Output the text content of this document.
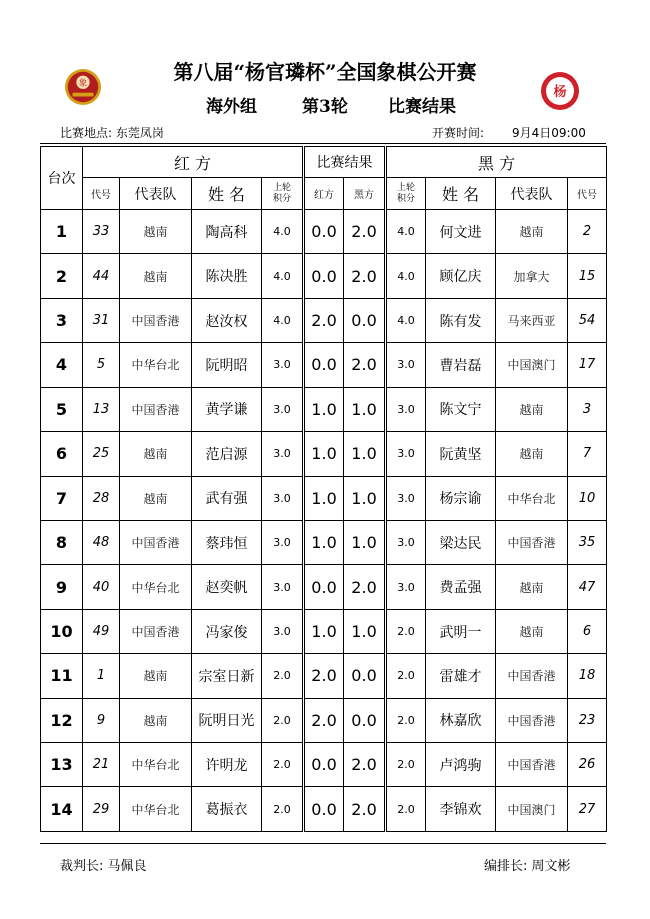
象
杨
第八届“杨官璘杯”全国象棋公开赛
海外组	第3轮 比赛结果
比赛地点: 东莞凤岗	开赛时间: 9月4日09:00
台次	红 方				比赛结果		黑 方			
	代号	代表队	姓 名	上轮积分	红方	黑方	上轮积分	姓 名	代表队	代号
1	33	越南	陶高科	4.0	0.0	2.0	4.0	何文进	越南	2
2	44	越南	陈决胜	4.0	0.0	2.0	4.0	顾亿庆	加拿大	15
3	31	中国香港	赵汝权	4.0	2.0	0.0	4.0	陈有发	马来西亚	54
4	5	中华台北	阮明昭	3.0	0.0	2.0	3.0	曹岩磊	中国澳门	17
5	13	中国香港	黄学谦	3.0	1.0	1.0	3.0	陈文宁	越南	3
6	25	越南	范启源	3.0	1.0	1.0	3.0	阮黄坚	越南	7
7	28	越南	武有强	3.0	1.0	1.0	3.0	杨宗谕	中华台北	10
8	48	中国香港	蔡玮恒	3.0	1.0	1.0	3.0	梁达民	中国香港	35
9	40	中华台北	赵奕帆	3.0	0.0	2.0	3.0	费孟强	越南	47
10	49	中国香港	冯家俊	3.0	1.0	1.0	2.0	武明一	越南	6
11	1	越南	宗室日新	2.0	2.0	0.0	2.0	雷雄才	中国香港	18
12	9	越南	阮明日光	2.0	2.0	0.0	2.0	林嘉欣	中国香港	23
13	21	中华台北	许明龙	2.0	0.0	2.0	2.0	卢鸿驹	中国香港	26
14	29	中华台北	葛振衣	2.0	0.0	2.0	2.0	李锦欢	中国澳门	27
裁判长: 马佩良	编排长: 周文彬
